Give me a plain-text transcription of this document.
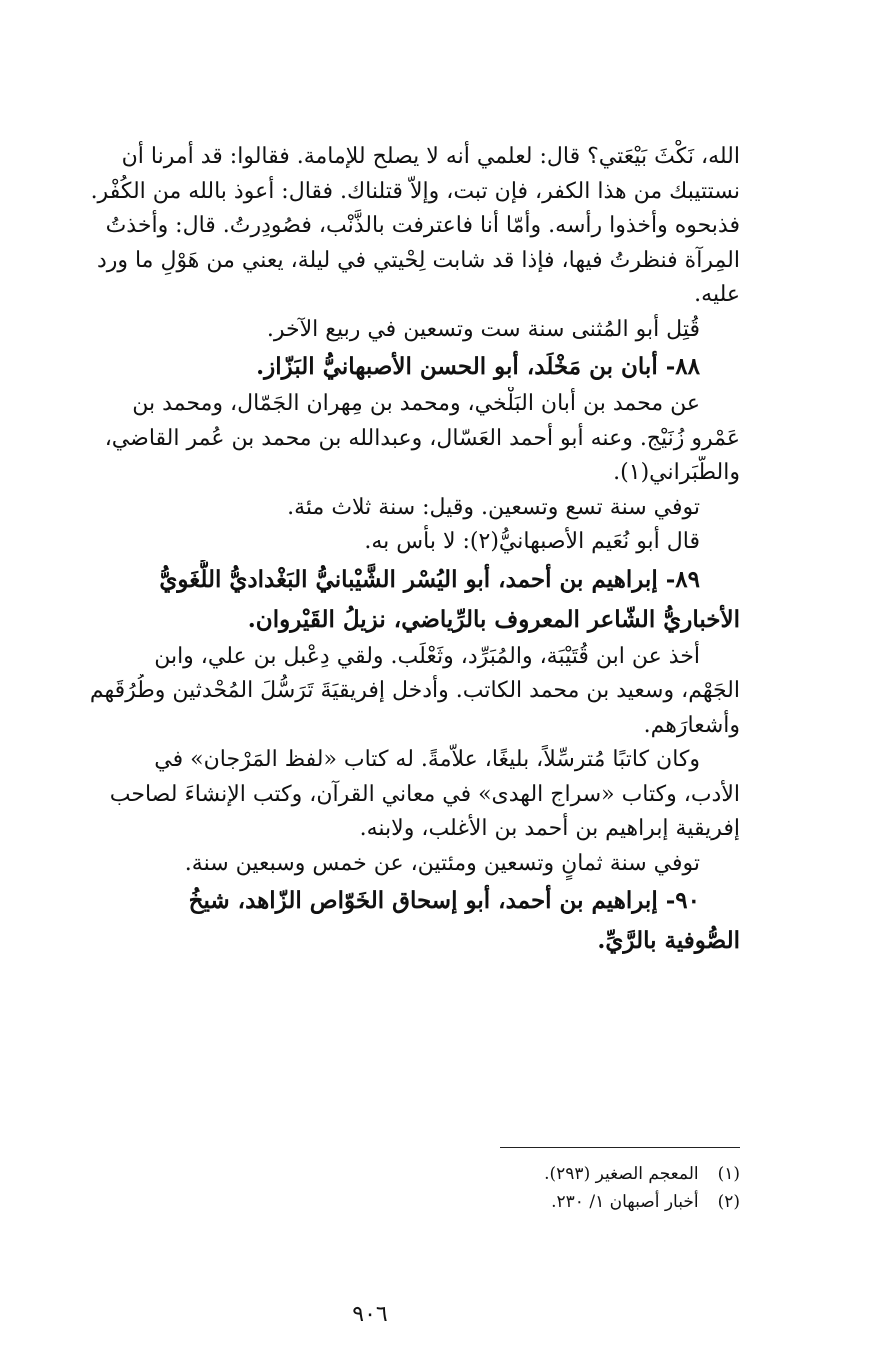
الله، نَكْثَ بَيْعَتي؟ قال: لعلمي أنه لا يصلح للإمامة. فقالوا: قد أمرنا أن
نستتيبك من هذا الكفر، فإن تبت، وإلاّ قتلناك. فقال: أعوذ بالله من الكُفْر.
فذبحوه وأخذوا رأسه. وأمّا أنا فاعترفت بالذَّنْب، فصُودِرتُ. قال: وأخذتُ
المِرآة فنظرتُ فيها، فإذا قد شابت لِحْيتي في ليلة، يعني من هَوْلِ ما ورد
عليه.
قُتِل أبو المُثنى سنة ست وتسعين في ربيع الآخر.
٨٨- أبان بن مَخْلَد، أبو الحسن الأصبهانيُّ البَزّاز.
عن محمد بن أبان البَلْخي، ومحمد بن مِهران الجَمّال، ومحمد بن
عَمْرو زُنَيْج. وعنه أبو أحمد العَسّال، وعبدالله بن محمد بن عُمر القاضي،
والطَّبَراني(١).
توفي سنة تسع وتسعين. وقيل: سنة ثلاث مئة.
قال أبو نُعَيم الأصبهانيُّ(٢): لا بأس به.
٨٩- إبراهيم بن أحمد، أبو اليُسْر الشَّيْبانيُّ البَغْداديُّ اللُّغَويُّ
الأخباريُّ الشّاعر المعروف بالرِّياضي، نزيلُ القَيْروان.
أخذ عن ابن قُتَيْبَة، والمُبَرِّد، وثَعْلَب. ولقي دِعْبل بن علي، وابن
الجَهْم، وسعيد بن محمد الكاتب. وأدخل إفريقيَةَ تَرَسُّلَ المُحْدثين وطُرُقَهم
وأشعارَهم.
وكان كاتبًا مُترسِّلاً، بليغًا، علاّمةً. له كتاب «لفظ المَرْجان» في
الأدب، وكتاب «سراج الهدى» في معاني القرآن، وكتب الإنشاءَ لصاحب
إفريقية إبراهيم بن أحمد بن الأغلب، ولابنه.
توفي سنة ثمانٍ وتسعين ومئتين، عن خمس وسبعين سنة.
٩٠- إبراهيم بن أحمد، أبو إسحاق الخَوّاص الزّاهد، شيخُ
الصُّوفية بالرَّيِّ.
(١) المعجم الصغير (٢٩٣).
(٢) أخبار أصبهان ١/ ٢٣٠.
٩٠٦
